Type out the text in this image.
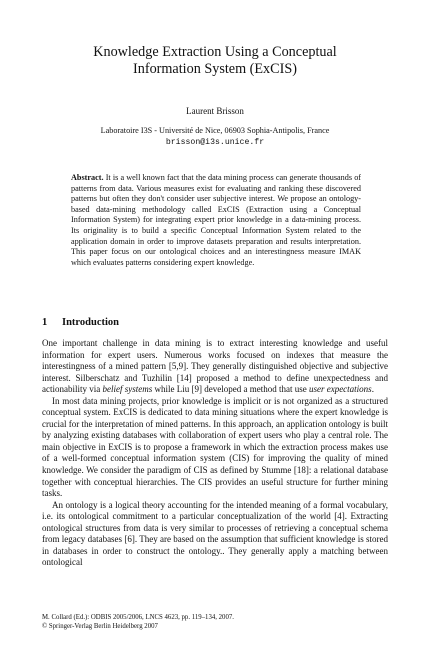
Knowledge Extraction Using a Conceptual
Information System (ExCIS)

Laurent Brisson

Laboratoire I3S - Université de Nice, 06903 Sophia-Antipolis, France

brisson@i3s.unice.fr

Abstract. It is a well known fact that the data mining process can generate thousands of patterns from data. Various measures exist for evaluating and ranking these discovered patterns but often they don't consider user subjective interest. We propose an ontology-based data-mining methodology called ExCIS (Extraction using a Conceptual Information System) for integrating expert prior knowledge in a data-mining process. Its originality is to build a specific Conceptual Information System related to the application domain in order to improve datasets preparation and results interpretation. This paper focus on our ontological choices and an interestingness measure IMAK which evaluates patterns considering expert knowledge.

1 Introduction

One important challenge in data mining is to extract interesting knowledge and useful information for expert users. Numerous works focused on indexes that measure the interestingness of a mined pattern [5,9]. They generally distinguished objective and subjective interest. Silberschatz and Tuzhilin [14] proposed a method to define unexpectedness and actionability via belief systems while Liu [9] developed a method that use user expectations.

In most data mining projects, prior knowledge is implicit or is not organized as a structured conceptual system. ExCIS is dedicated to data mining situations where the expert knowledge is crucial for the interpretation of mined patterns. In this approach, an application ontology is built by analyzing existing databases with collaboration of expert users who play a central role. The main objective in ExCIS is to propose a framework in which the extraction process makes use of a well-formed conceptual information system (CIS) for improving the quality of mined knowledge. We consider the paradigm of CIS as defined by Stumme [18]: a relational database together with conceptual hierarchies. The CIS provides an useful structure for further mining tasks.

An ontology is a logical theory accounting for the intended meaning of a formal vocabulary, i.e. its ontological commitment to a particular conceptualization of the world [4]. Extracting ontological structures from data is very similar to processes of retrieving a conceptual schema from legacy databases [6]. They are based on the assumption that sufficient knowledge is stored in databases in order to construct the ontology.. They generally apply a matching between ontological

M. Collard (Ed.): ODBIS 2005/2006, LNCS 4623, pp. 119–134, 2007.
© Springer-Verlag Berlin Heidelberg 2007
